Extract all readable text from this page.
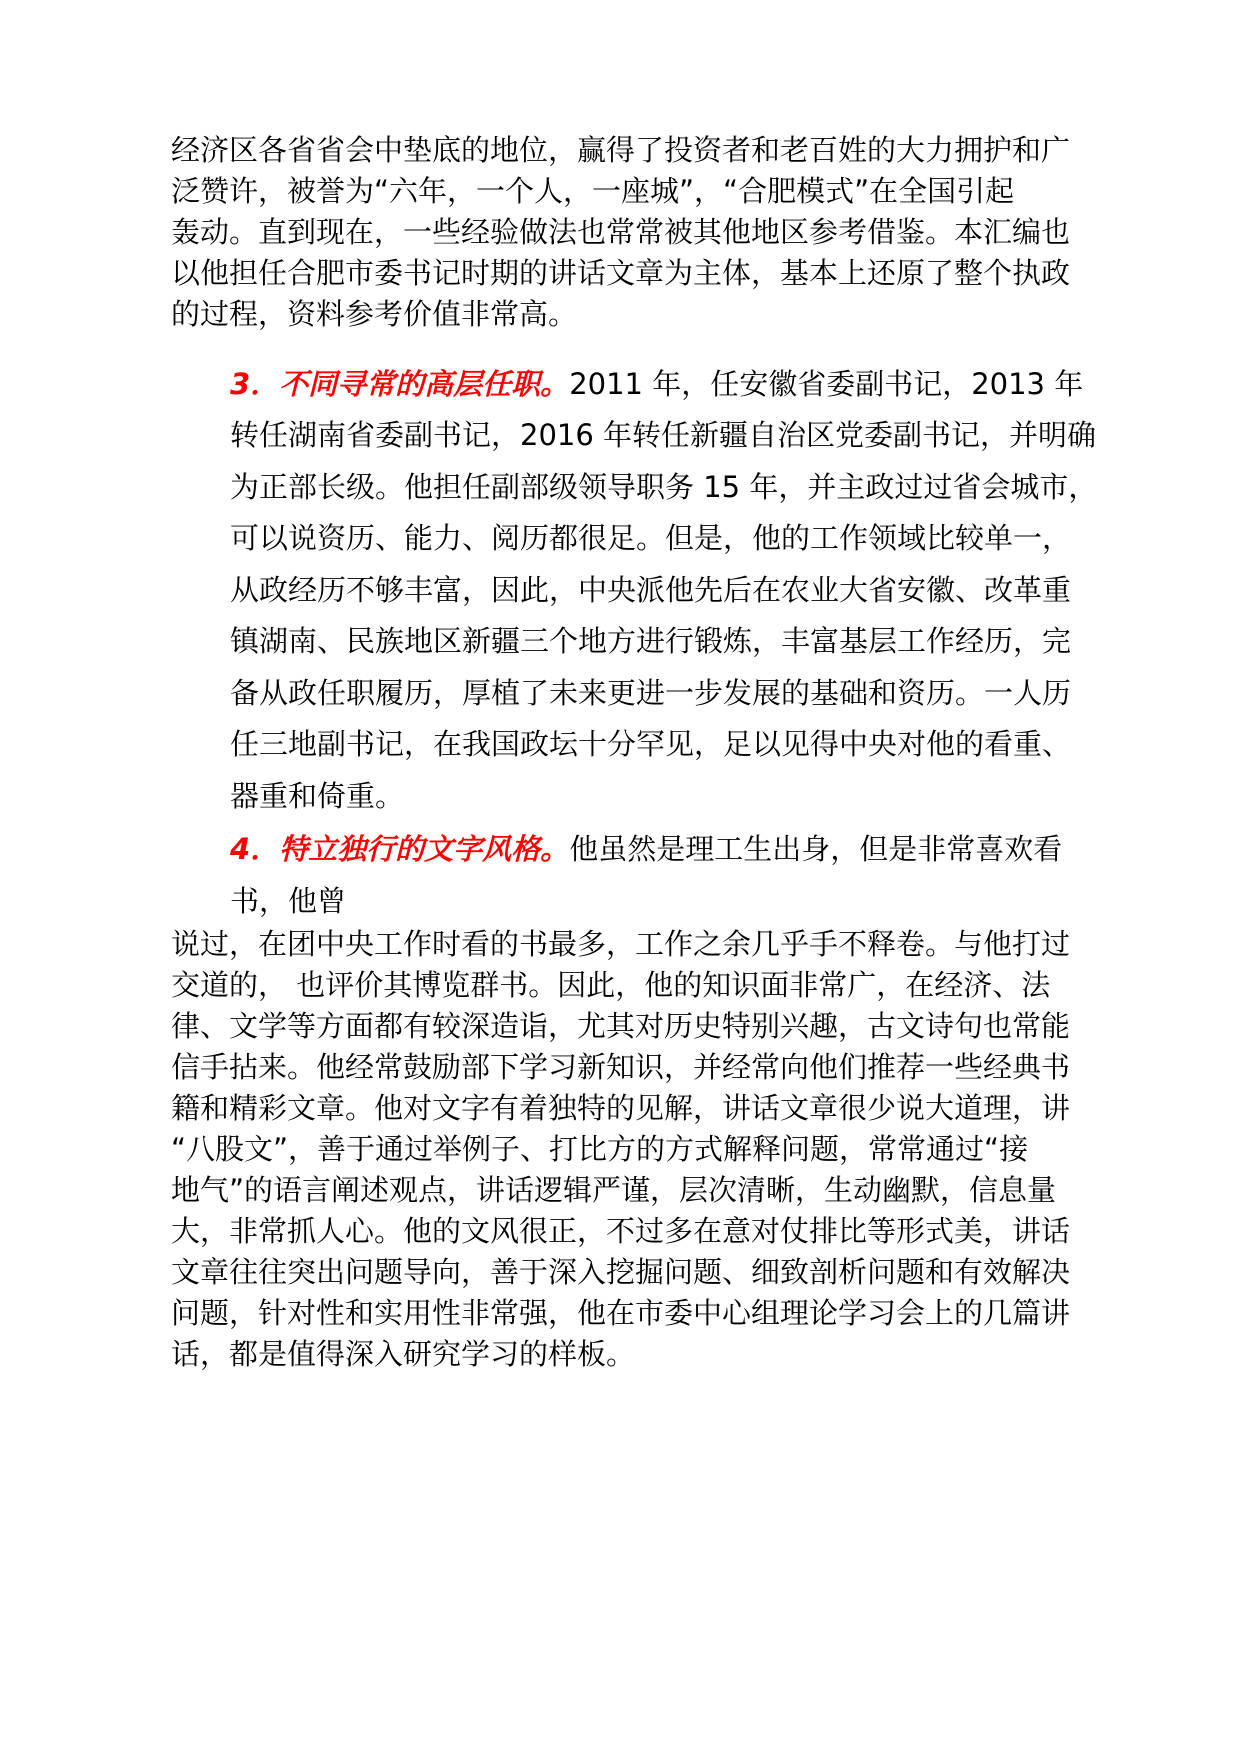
经济区各省省会中垫底的地位，赢得了投资者和老百姓的大力拥护和广
泛赞许，被誉为“六年，一个人，一座城”，“合肥模式”在全国引起
轰动。直到现在，一些经验做法也常常被其他地区参考借鉴。本汇编也
以他担任合肥市委书记时期的讲话文章为主体，基本上还原了整个执政
的过程，资料参考价值非常高。
3．不同寻常的高层任职。2011 年，任安徽省委副书记，2013 年
转任湖南省委副书记，2016 年转任新疆自治区党委副书记，并明确
为正部长级。他担任副部级领导职务 15 年，并主政过过省会城市，
可以说资历、能力、阅历都很足。但是，他的工作领域比较单一，
从政经历不够丰富，因此，中央派他先后在农业大省安徽、改革重
镇湖南、民族地区新疆三个地方进行锻炼，丰富基层工作经历，完
备从政任职履历，厚植了未来更进一步发展的基础和资历。一人历
任三地副书记，在我国政坛十分罕见，足以见得中央对他的看重、
器重和倚重。
4．特立独行的文字风格。他虽然是理工生出身，但是非常喜欢看
书，他曾
说过，在团中央工作时看的书最多，工作之余几乎手不释卷。与他打过
交道的， 也评价其博览群书。因此，他的知识面非常广，在经济、法
律、文学等方面都有较深造诣，尤其对历史特别兴趣，古文诗句也常能
信手拈来。他经常鼓励部下学习新知识，并经常向他们推荐一些经典书
籍和精彩文章。他对文字有着独特的见解，讲话文章很少说大道理，讲
“八股文”，善于通过举例子、打比方的方式解释问题，常常通过“接
地气”的语言阐述观点，讲话逻辑严谨，层次清晰，生动幽默，信息量
大，非常抓人心。他的文风很正，不过多在意对仗排比等形式美，讲话
文章往往突出问题导向，善于深入挖掘问题、细致剖析问题和有效解决
问题，针对性和实用性非常强，他在市委中心组理论学习会上的几篇讲
话，都是值得深入研究学习的样板。
